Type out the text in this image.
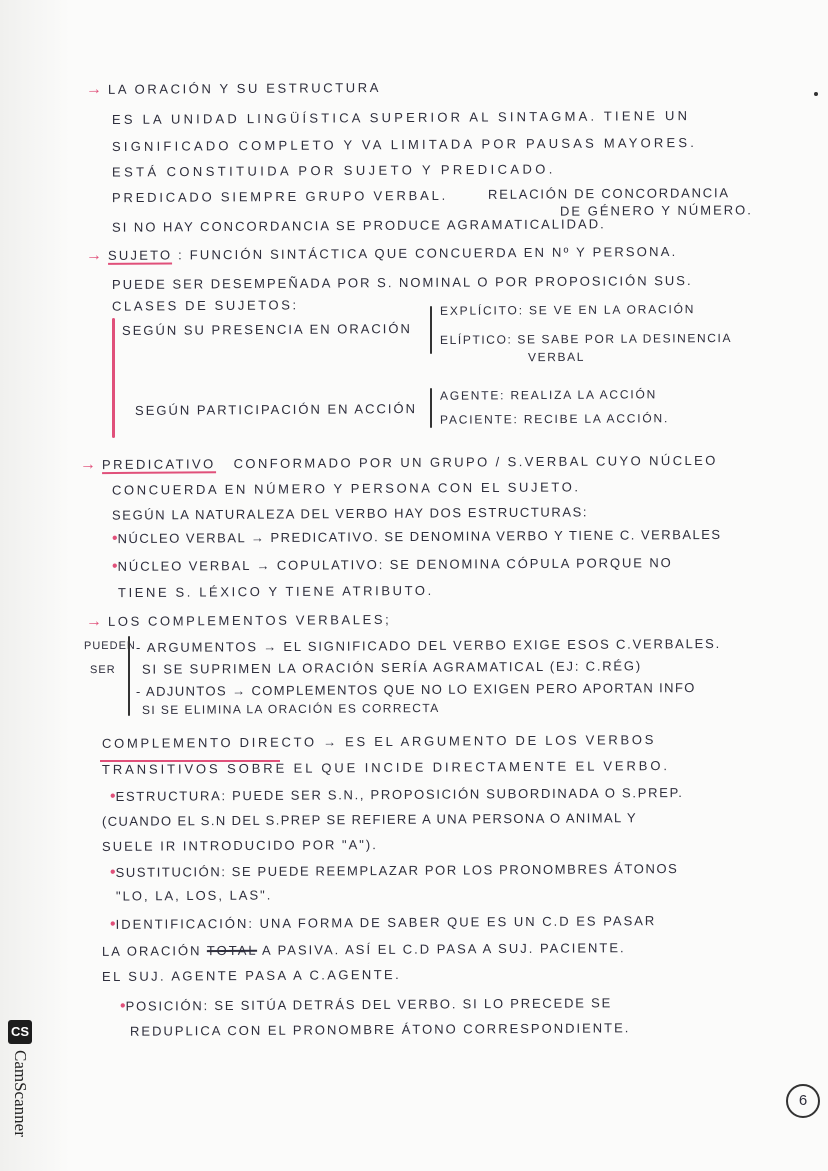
→ LA ORACIÓN Y SU ESTRUCTURA
ES LA UNIDAD LINGÜÍSTICA SUPERIOR AL SINTAGMA. TIENE UN
SIGNIFICADO COMPLETO Y VA LIMITADA POR PAUSAS MAYORES.
ESTÁ CONSTITUIDA POR SUJETO Y PREDICADO.
PREDICADO SIEMPRE GRUPO VERBAL.	RELACIÓN DE CONCORDANCIA
DE GÉNERO Y NÚMERO.
SI NO HAY CONCORDANCIA SE PRODUCE AGRAMATICALIDAD.
→ SUJETO : FUNCIÓN SINTÁCTICA QUE CONCUERDA EN Nº Y PERSONA.
PUEDE SER DESEMPEÑADA POR S. NOMINAL O POR PROPOSICIÓN SUS.
CLASES DE SUJETOS:
SEGÚN SU PRESENCIA EN ORACIÓN
EXPLÍCITO: SE VE EN LA ORACIÓN
ELÍPTICO: SE SABE POR LA DESINENCIA
VERBAL
SEGÚN PARTICIPACIÓN EN ACCIÓN
AGENTE: REALIZA LA ACCIÓN
PACIENTE: RECIBE LA ACCIÓN.
→ PREDICATIVO CONFORMADO POR UN GRUPO / S.VERBAL CUYO NÚCLEO
CONCUERDA EN NÚMERO Y PERSONA CON EL SUJETO.
SEGÚN LA NATURALEZA DEL VERBO HAY DOS ESTRUCTURAS:
•NÚCLEO VERBAL → PREDICATIVO. SE DENOMINA VERBO Y TIENE C. VERBALES
•NÚCLEO VERBAL → COPULATIVO: SE DENOMINA CÓPULA PORQUE NO
TIENE S. LÉXICO Y TIENE ATRIBUTO.
→ LOS COMPLEMENTOS VERBALES;
PUEDEN
SER
- ARGUMENTOS → EL SIGNIFICADO DEL VERBO EXIGE ESOS C.VERBALES.
SI SE SUPRIMEN LA ORACIÓN SERÍA AGRAMATICAL (EJ: C.RÉG)
- ADJUNTOS → COMPLEMENTOS QUE NO LO EXIGEN PERO APORTAN INFO
SI SE ELIMINA LA ORACIÓN ES CORRECTA
COMPLEMENTO DIRECTO → ES EL ARGUMENTO DE LOS VERBOS
TRANSITIVOS SOBRE EL QUE INCIDE DIRECTAMENTE EL VERBO.
•ESTRUCTURA: PUEDE SER S.N., PROPOSICIÓN SUBORDINADA O S.PREP.
(CUANDO EL S.N DEL S.PREP SE REFIERE A UNA PERSONA O ANIMAL Y
SUELE IR INTRODUCIDO POR "A").
•SUSTITUCIÓN: SE PUEDE REEMPLAZAR POR LOS PRONOMBRES ÁTONOS
"LO, LA, LOS, LAS".
•IDENTIFICACIÓN: UNA FORMA DE SABER QUE ES UN C.D ES PASAR
LA ORACIÓN TOTAL A PASIVA. ASÍ EL C.D PASA A SUJ. PACIENTE.
EL SUJ. AGENTE PASA A C.AGENTE.
•POSICIÓN: SE SITÚA DETRÁS DEL VERBO. SI LO PRECEDE SE
REDUPLICA CON EL PRONOMBRE ÁTONO CORRESPONDIENTE.
6
CS
CamScanner
